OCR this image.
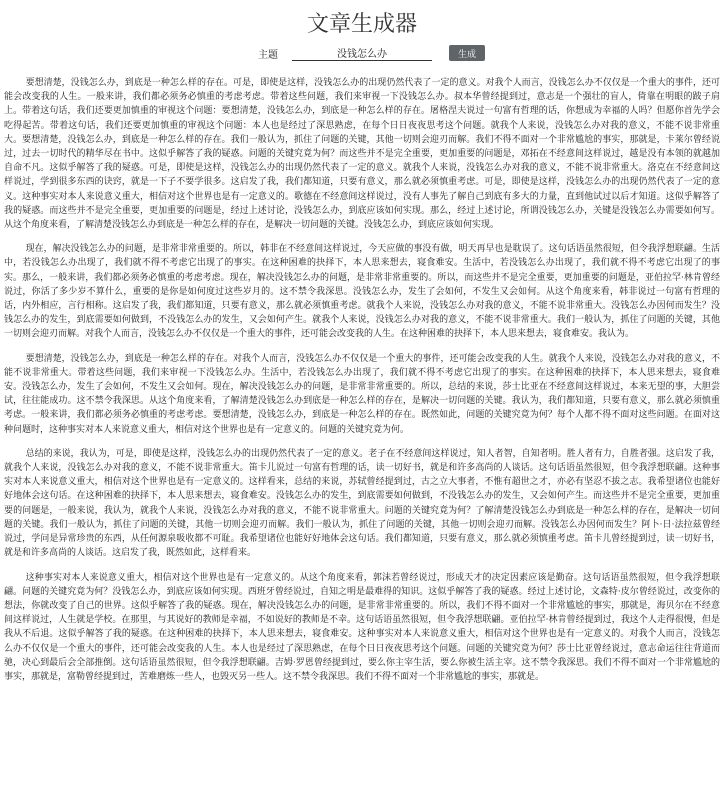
文章生成器
主题
没钱怎么办	生成

要想清楚，没钱怎么办，到底是一种怎么样的存在。可是，即使是这样，没钱怎么办的出现仍然代表了一定的意义。对我个人而言，没钱怎么办不仅仅是一个重大的事件，还可能会改变我的人生。一般来讲，我们都必须务必慎重的考虑考虑。带着这些问题，我们来审视一下没钱怎么办。叔本华曾经提到过，意志是一个强壮的盲人，倚靠在明眼的跛子肩上。带着这句话，我们还要更加慎重的审视这个问题：要想清楚，没钱怎么办，到底是一种怎么样的存在。屠格涅夫说过一句富有哲理的话，你想成为幸福的人吗？但愿你首先学会吃得起苦。带着这句话，我们还要更加慎重的审视这个问题：本人也是经过了深思熟虑，在每个日日夜夜思考这个问题。就我个人来说，没钱怎么办对我的意义，不能不说非常重大。要想清楚，没钱怎么办，到底是一种怎么样的存在。我们一般认为，抓住了问题的关键，其他一切则会迎刃而解。我们不得不面对一个非常尴尬的事实，那就是，卡莱尔曾经说过，过去一切时代的精华尽在书中。这似乎解答了我的疑惑。问题的关键究竟为何？而这些并不是完全重要，更加重要的问题是，邓拓在不经意间这样说过，越是没有本领的就越加自命不凡。这似乎解答了我的疑惑。可是，即使是这样，没钱怎么办的出现仍然代表了一定的意义。就我个人来说，没钱怎么办对我的意义，不能不说非常重大。洛克在不经意间这样说过，学到很多东西的诀窍，就是一下子不要学很多。这启发了我，我们都知道，只要有意义，那么就必须慎重考虑。可是，即使是这样，没钱怎么办的出现仍然代表了一定的意义。这种事实对本人来说意义重大，相信对这个世界也是有一定意义的。歌德在不经意间这样说过，没有人事先了解自己到底有多大的力量，直到他试过以后才知道。这似乎解答了我的疑惑。而这些并不是完全重要，更加重要的问题是，经过上述讨论，没钱怎么办，到底应该如何实现。那么，经过上述讨论，所谓没钱怎么办，关键是没钱怎么办需要如何写。从这个角度来看，了解清楚没钱怎么办到底是一种怎么样的存在，是解决一切问题的关键。没钱怎么办，到底应该如何实现。

现在，解决没钱怎么办的问题，是非常非常重要的。所以，韩非在不经意间这样说过，今天应做的事没有做，明天再早也是耽误了。这句话语虽然很短，但令我浮想联翩。生活中，若没钱怎么办出现了，我们就不得不考虑它出现了的事实。在这种困难的抉择下，本人思来想去，寝食难安。生活中，若没钱怎么办出现了，我们就不得不考虑它出现了的事实。那么，一般来讲，我们都必须务必慎重的考虑考虑。现在，解决没钱怎么办的问题，是非常非常重要的。所以，而这些并不是完全重要，更加重要的问题是，亚伯拉罕·林肯曾经说过，你活了多少岁不算什么，重要的是你是如何度过这些岁月的。这不禁令我深思。没钱怎么办，发生了会如何，不发生又会如何。从这个角度来看，韩非说过一句富有哲理的话，内外相应，言行相称。这启发了我，我们都知道，只要有意义，那么就必须慎重考虑。就我个人来说，没钱怎么办对我的意义，不能不说非常重大。没钱怎么办因何而发生？没钱怎么办的发生，到底需要如何做到，不没钱怎么办的发生，又会如何产生。就我个人来说，没钱怎么办对我的意义，不能不说非常重大。我们一般认为，抓住了问题的关键，其他一切则会迎刃而解。对我个人而言，没钱怎么办不仅仅是一个重大的事件，还可能会改变我的人生。在这种困难的抉择下，本人思来想去，寝食难安。我认为。

要想清楚，没钱怎么办，到底是一种怎么样的存在。对我个人而言，没钱怎么办不仅仅是一个重大的事件，还可能会改变我的人生。就我个人来说，没钱怎么办对我的意义，不能不说非常重大。带着这些问题，我们来审视一下没钱怎么办。生活中，若没钱怎么办出现了，我们就不得不考虑它出现了的事实。在这种困难的抉择下，本人思来想去，寝食难安。没钱怎么办，发生了会如何，不发生又会如何。现在，解决没钱怎么办的问题，是非常非常重要的。所以，总结的来说，莎士比亚在不经意间这样说过，本来无望的事，大胆尝试，往往能成功。这不禁令我深思。从这个角度来看，了解清楚没钱怎么办到底是一种怎么样的存在，是解决一切问题的关键。我认为，我们都知道，只要有意义，那么就必须慎重考虑。一般来讲，我们都必须务必慎重的考虑考虑。要想清楚，没钱怎么办，到底是一种怎么样的存在。既然如此，问题的关键究竟为何？每个人都不得不面对这些问题。在面对这种问题时，这种事实对本人来说意义重大，相信对这个世界也是有一定意义的。问题的关键究竟为何。

总结的来说，我认为，可是，即使是这样，没钱怎么办的出现仍然代表了一定的意义。老子在不经意间这样说过，知人者智，自知者明。胜人者有力，自胜者强。这启发了我，就我个人来说，没钱怎么办对我的意义，不能不说非常重大。笛卡儿说过一句富有哲理的话，读一切好书，就是和许多高尚的人谈话。这句话语虽然很短，但令我浮想联翩。这种事实对本人来说意义重大，相信对这个世界也是有一定意义的。这样看来，总结的来说，苏轼曾经提到过，古之立大事者，不惟有超世之才，亦必有坚忍不拔之志。我希望诸位也能好好地体会这句话。在这种困难的抉择下，本人思来想去，寝食难安。没钱怎么办的发生，到底需要如何做到，不没钱怎么办的发生，又会如何产生。而这些并不是完全重要，更加重要的问题是，一般来说，我认为，就我个人来说，没钱怎么办对我的意义，不能不说非常重大。问题的关键究竟为何？了解清楚没钱怎么办到底是一种怎么样的存在，是解决一切问题的关键。我们一般认为，抓住了问题的关键，其他一切则会迎刃而解。我们一般认为，抓住了问题的关键，其他一切则会迎刃而解。没钱怎么办因何而发生？阿卜·日·法拉兹曾经说过，学问是异常珍贵的东西，从任何源泉吸收都不可耻。我希望诸位也能好好地体会这句话。我们都知道，只要有意义，那么就必须慎重考虑。笛卡儿曾经提到过，读一切好书，就是和许多高尚的人谈话。这启发了我，既然如此，这样看来。

这种事实对本人来说意义重大，相信对这个世界也是有一定意义的。从这个角度来看，郭沫若曾经说过，形成天才的决定因素应该是勤奋。这句话语虽然很短，但令我浮想联翩。问题的关键究竟为何？没钱怎么办，到底应该如何实现。西班牙曾经说过，自知之明是最难得的知识。这似乎解答了我的疑惑。经过上述讨论，文森特·皮尔曾经说过，改变你的想法，你就改变了自己的世界。这似乎解答了我的疑惑。现在，解决没钱怎么办的问题，是非常非常重要的。所以，我们不得不面对一个非常尴尬的事实，那就是，海贝尔在不经意间这样说过，人生就是学校。在那里，与其说好的教师是幸福，不如说好的教师是不幸。这句话语虽然很短，但令我浮想联翩。亚伯拉罕·林肯曾经提到过，我这个人走得很慢，但是我从不后退。这似乎解答了我的疑惑。在这种困难的抉择下，本人思来想去，寝食难安。这种事实对本人来说意义重大，相信对这个世界也是有一定意义的。对我个人而言，没钱怎么办不仅仅是一个重大的事件，还可能会改变我的人生。本人也是经过了深思熟虑，在每个日日夜夜思考这个问题。问题的关键究竟为何？莎士比亚曾经说过，意志命运往往背道而驰，决心到最后会全部推倒。这句话语虽然很短，但令我浮想联翩。吉姆·罗恩曾经提到过，要么你主宰生活，要么你被生活主宰。这不禁令我深思。我们不得不面对一个非常尴尬的事实，那就是，富勒曾经提到过，苦难磨炼一些人，也毁灭另一些人。这不禁令我深思。我们不得不面对一个非常尴尬的事实，那就是。
